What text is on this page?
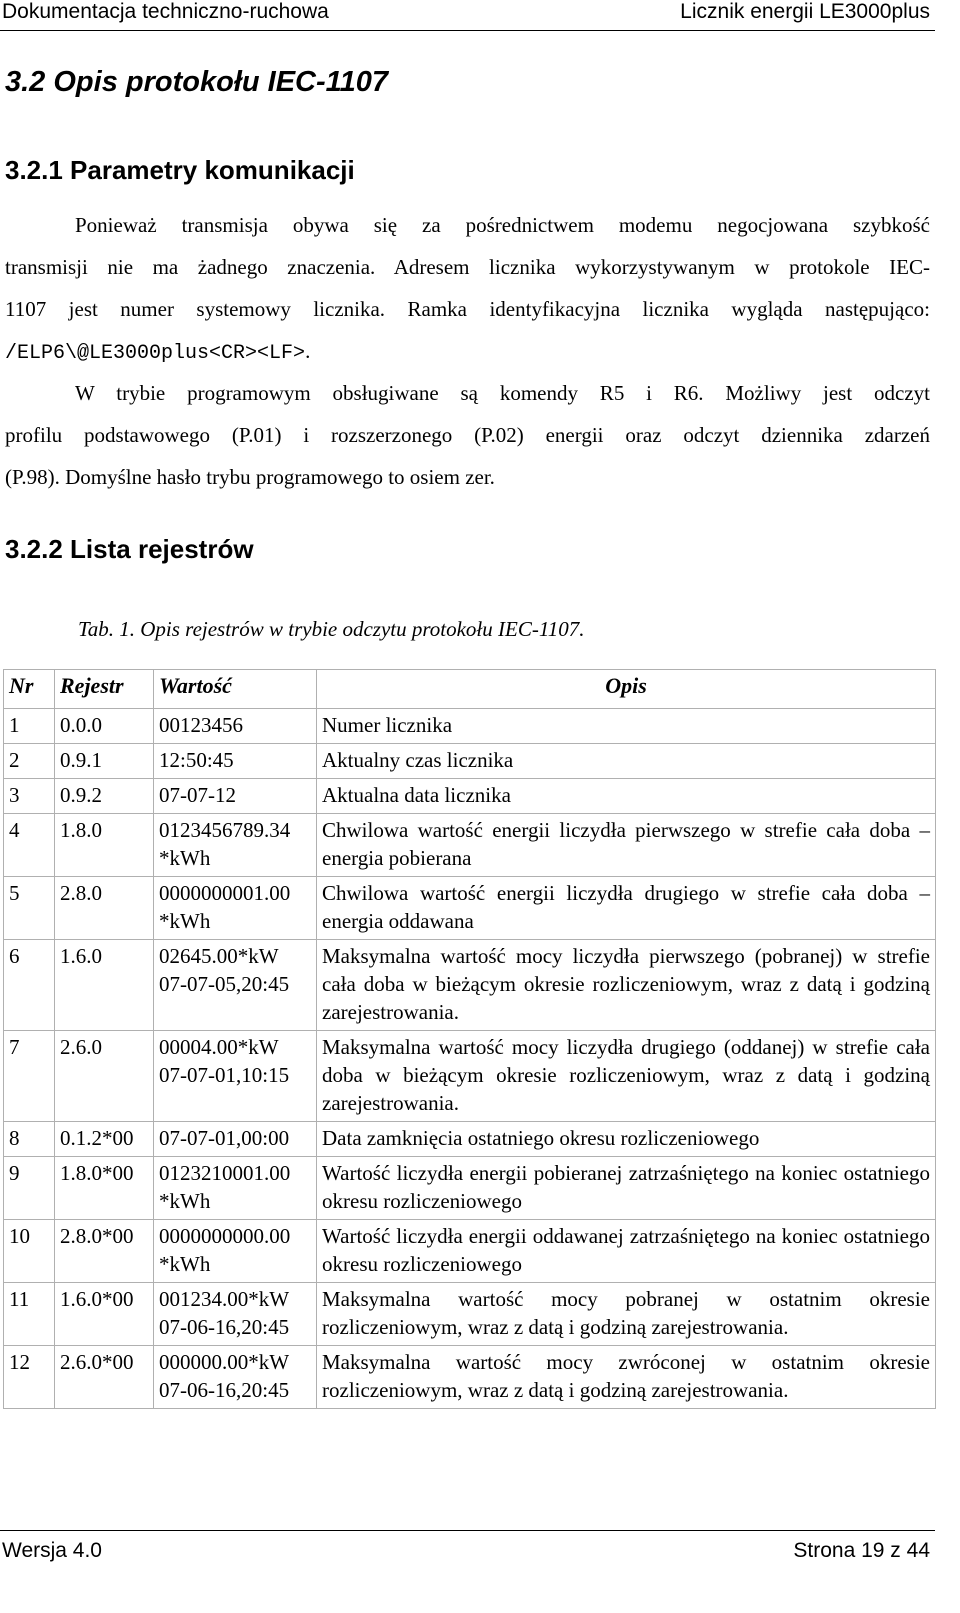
Dokumentacja techniczno-ruchowa	Licznik energii LE3000plus
3.2 Opis protokołu IEC-1107
3.2.1 Parametry komunikacji
Ponieważ transmisja obywa się za pośrednictwem modemu negocjowana szybkość
transmisji nie ma żadnego znaczenia. Adresem licznika wykorzystywanym w protokole IEC-
1107 jest numer systemowy licznika. Ramka identyfikacyjna licznika wygląda następująco:
/ELP6\@LE3000plus<CR><LF>.
W trybie programowym obsługiwane są komendy R5 i R6. Możliwy jest odczyt
profilu podstawowego (P.01) i rozszerzonego (P.02) energii oraz odczyt dziennika zdarzeń
(P.98). Domyślne hasło trybu programowego to osiem zer.
3.2.2 Lista rejestrów
Tab. 1. Opis rejestrów w trybie odczytu protokołu IEC-1107.
Nr	Rejestr	Wartość	Opis
1	0.0.0	00123456	Numer licznika
2	0.9.1	12:50:45	Aktualny czas licznika
3	0.9.2	07-07-12	Aktualna data licznika
4	1.8.0	0123456789.34 *kWh	Chwilowa wartość energii liczydła pierwszego w strefie cała doba – energia pobierana
5	2.8.0	0000000001.00 *kWh	Chwilowa wartość energii liczydła drugiego w strefie cała doba – energia oddawana
6	1.6.0	02645.00*kW 07-07-05,20:45	Maksymalna wartość mocy liczydła pierwszego (pobranej) w strefie cała doba w bieżącym okresie rozliczeniowym, wraz z datą i godziną zarejestrowania.
7	2.6.0	00004.00*kW 07-07-01,10:15	Maksymalna wartość mocy liczydła drugiego (oddanej) w strefie cała doba w bieżącym okresie rozliczeniowym, wraz z datą i godziną zarejestrowania.
8	0.1.2*00	07-07-01,00:00	Data zamknięcia ostatniego okresu rozliczeniowego
9	1.8.0*00	0123210001.00 *kWh	Wartość liczydła energii pobieranej zatrzaśniętego na koniec ostatniego okresu rozliczeniowego
10	2.8.0*00	0000000000.00 *kWh	Wartość liczydła energii oddawanej zatrzaśniętego na koniec ostatniego okresu rozliczeniowego
11	1.6.0*00	001234.00*kW 07-06-16,20:45	Maksymalna wartość mocy pobranej w ostatnim okresie rozliczeniowym, wraz z datą i godziną zarejestrowania.
12	2.6.0*00	000000.00*kW 07-06-16,20:45	Maksymalna wartość mocy zwróconej w ostatnim okresie rozliczeniowym, wraz z datą i godziną zarejestrowania.
Wersja 4.0	Strona 19 z 44
